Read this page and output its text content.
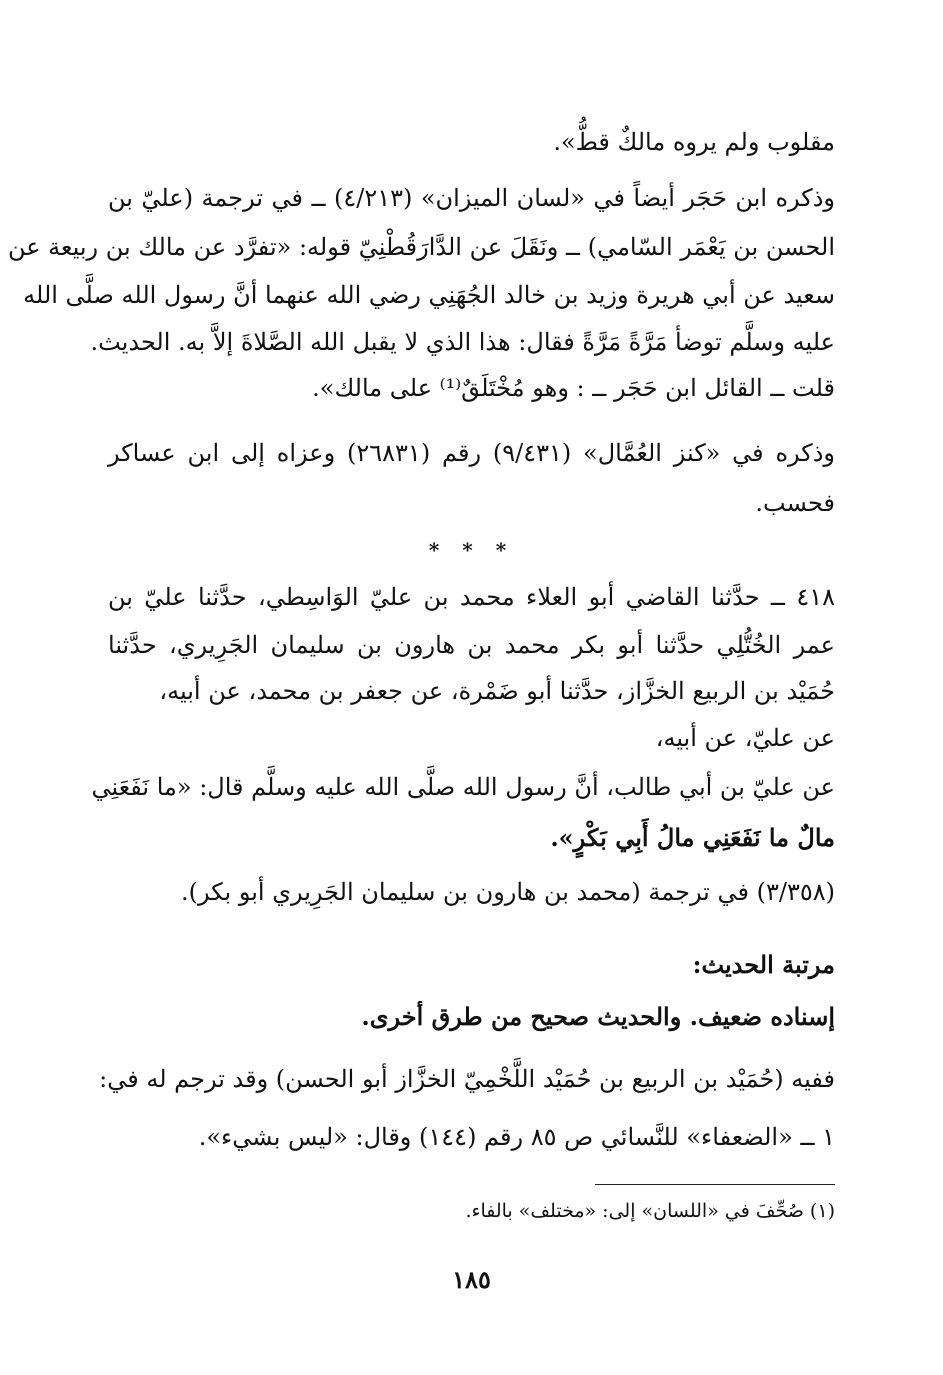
مقلوب ولم يروه مالكٌ قطُّ».

وذكره ابن حَجَر أيضاً في «لسان الميزان» (٤/٢١٣) ــ في ترجمة (عليّ بن

الحسن بن يَعْمَر السّامي) ــ ونَقَلَ عن الدَّارَقُطْنِيّ قوله: «تفرَّد عن مالك بن ربيعة عن

سعيد عن أبي هريرة وزيد بن خالد الجُهَنِي رضي الله عنهما أنَّ رسول الله صلَّى الله

عليه وسلَّم توضأ مَرَّةً مَرَّةً فقال: هذا الذي لا يقبل الله الصَّلاةَ إلاَّ به. الحديث.

قلت ــ القائل ابن حَجَر ــ : وهو مُخْتَلَقٌ⁽¹⁾ على مالك».

وذكره في «كنز العُمَّال» (٩/٤٣١) رقم (٢٦٨٣١) وعزاه إلى ابن عساكر

فحسب.

* * *

٤١٨ ــ حدَّثنا القاضي أبو العلاء محمد بن عليّ الوَاسِطي، حدَّثنا عليّ بن

عمر الخُتُّلِي حدَّثنا أبو بكر محمد بن هارون بن سليمان الجَرِيري، حدَّثنا

حُمَيْد بن الربيع الخزَّاز، حدَّثنا أبو ضَمْرة، عن جعفر بن محمد، عن أبيه،

عن عليّ، عن أبيه،

عن عليّ بن أبي طالب، أنَّ رسول الله صلَّى الله عليه وسلَّم قال: «ما نَفَعَنِي

مالٌ ما نَفَعَنِي مالُ أَبِي بَكْرٍ».

(٣/٣٥٨) في ترجمة (محمد بن هارون بن سليمان الجَرِيري أبو بكر).

مرتبة الحديث:

إسناده ضعيف. والحديث صحيح من طرق أخرى.

ففيه (حُمَيْد بن الربيع بن حُمَيْد اللَّخْمِيّ الخزَّاز أبو الحسن) وقد ترجم له في:

١ ــ «الضعفاء» للنَّسائي ص ٨٥ رقم (١٤٤) وقال: «ليس بشيء».

(١) صُحِّفَ في «اللسان» إلى: «مختلف» بالفاء.

١٨٥
